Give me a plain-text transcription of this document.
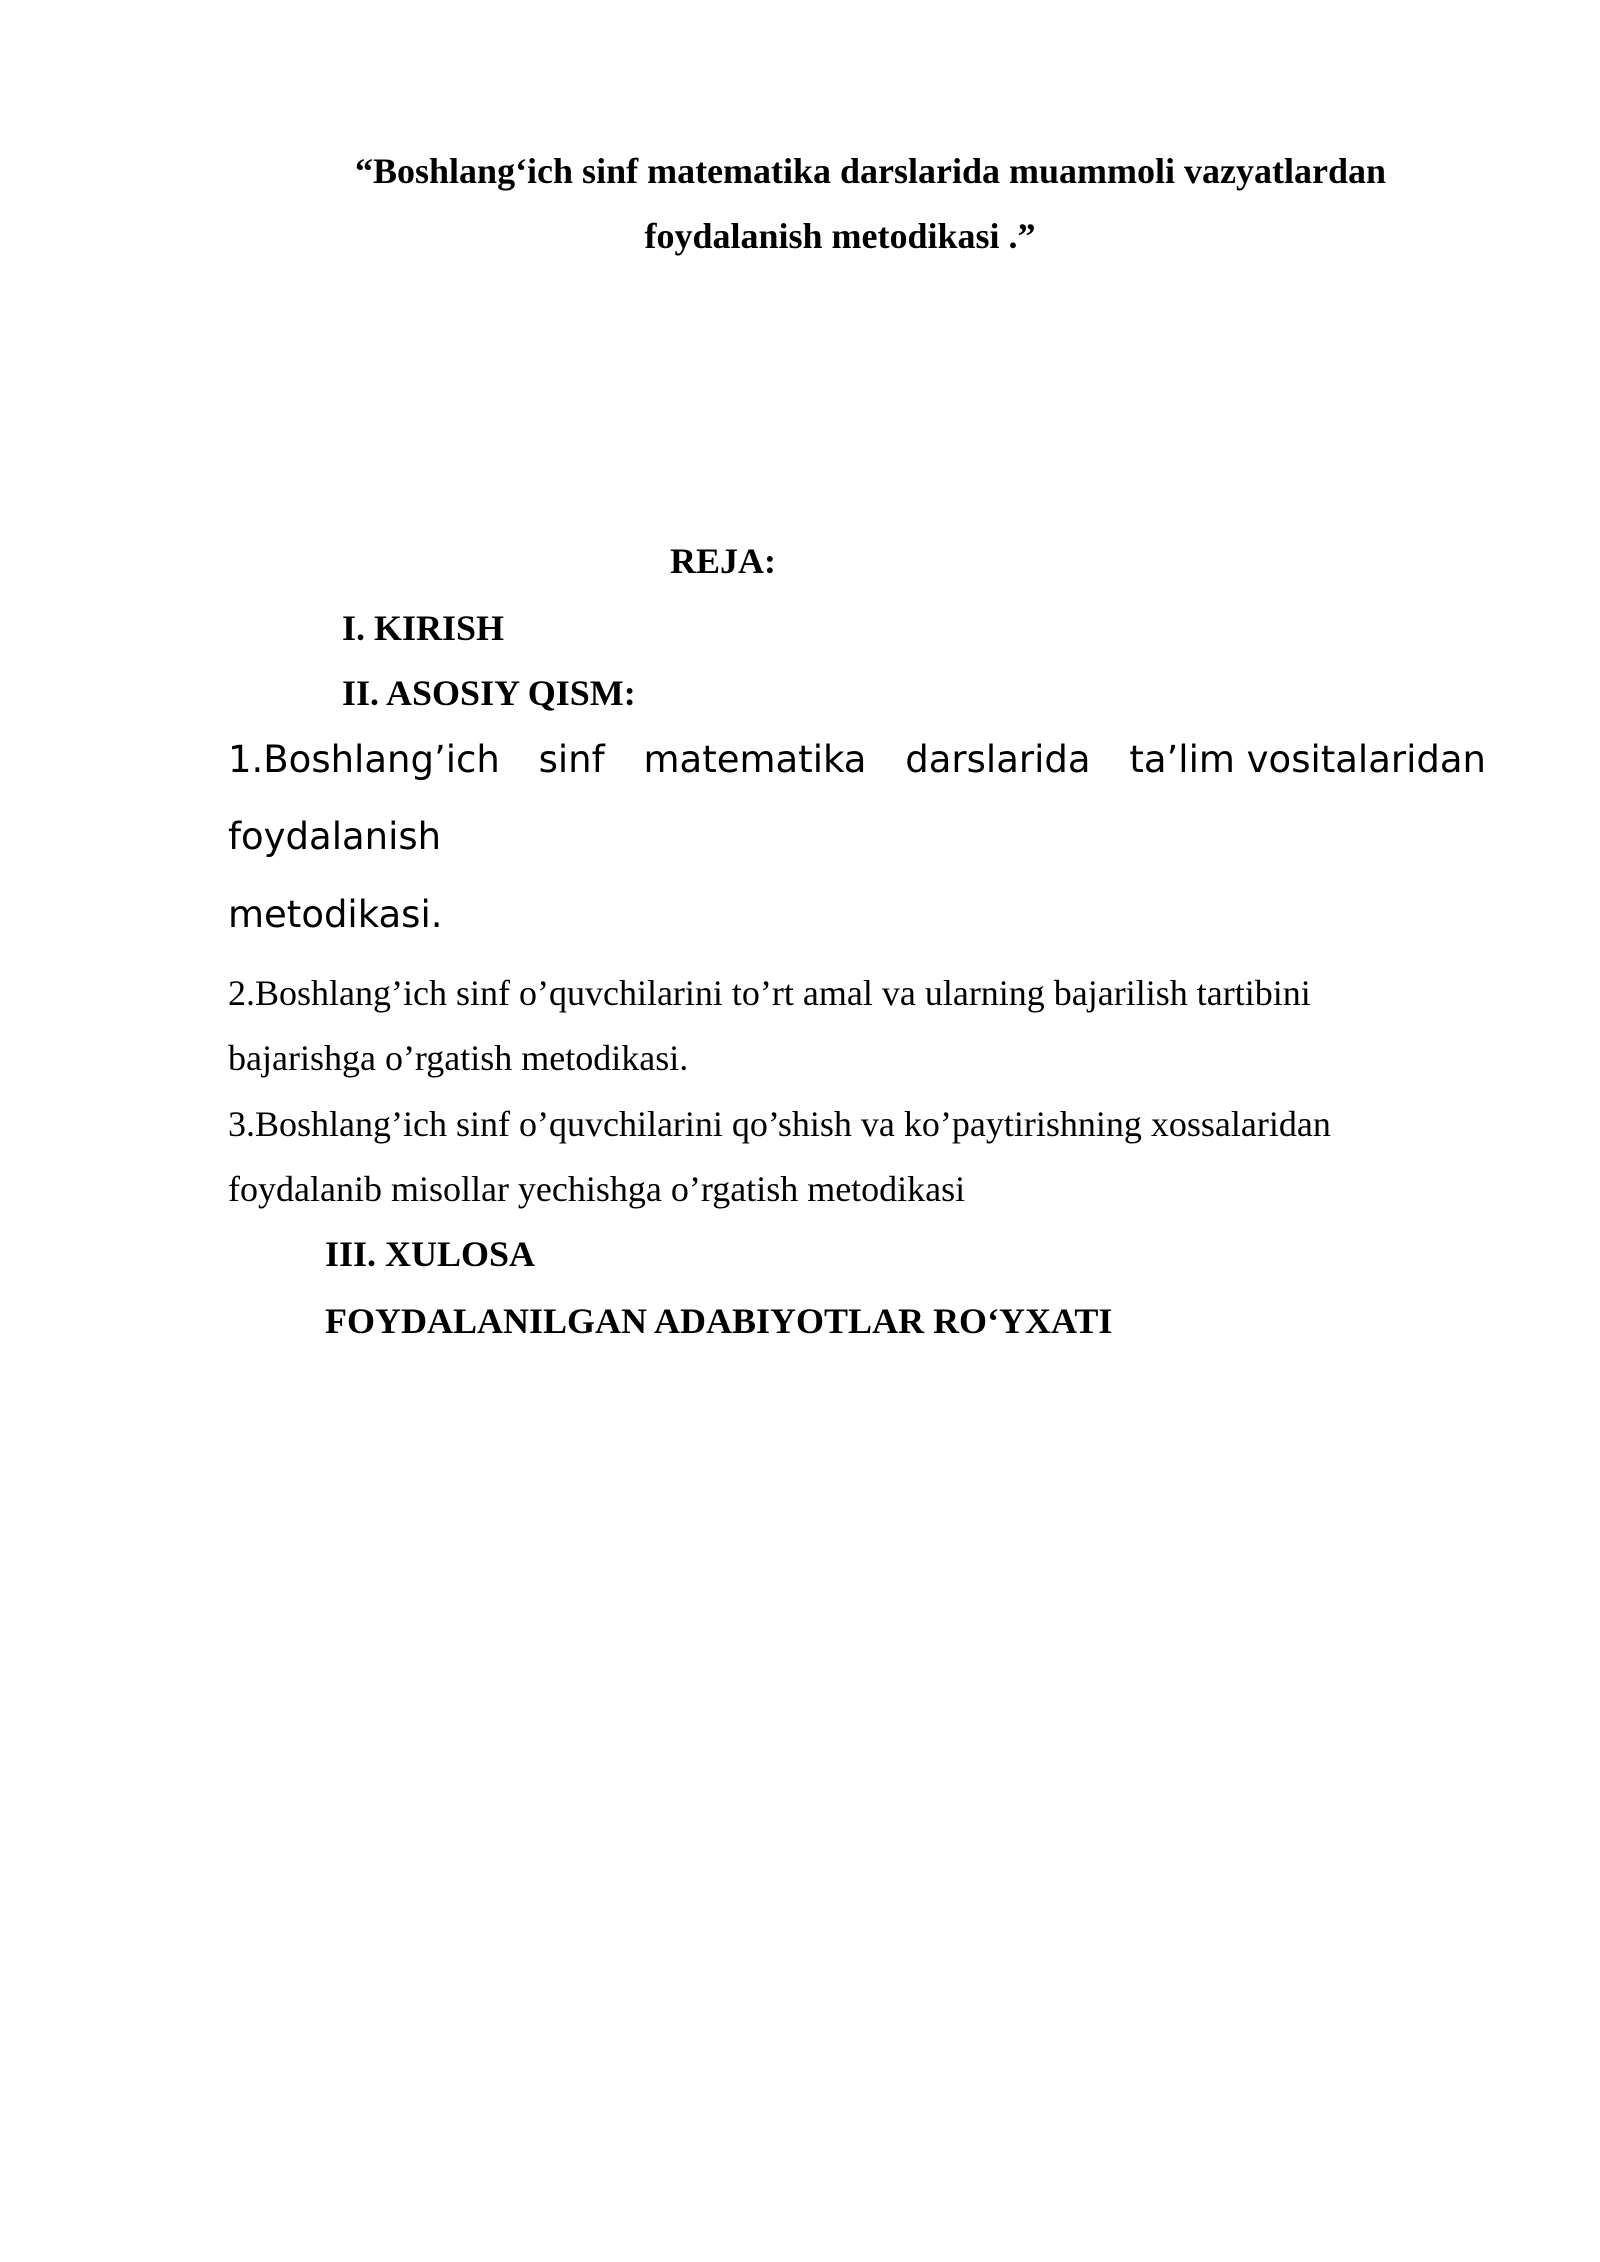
“Boshlang‘ich sinf matematika darslarida muammoli vazyatlardan
foydalanish metodikasi .”
REJA:
I. KIRISH
II. ASOSIY QISM:
1.Boshlang’ich sinf matematika darslarida ta’lim vositalaridan
foydalanish
metodikasi.
2.Boshlang’ich sinf o’quvchilarini to’rt amal va ularning bajarilish tartibini
bajarishga o’rgatish metodikasi.
3.Boshlang’ich sinf o’quvchilarini qo’shish va ko’paytirishning xossalaridan
foydalanib misollar yechishga o’rgatish metodikasi
III. XULOSA
FOYDALANILGAN ADABIYOTLAR RO‘YXATI
